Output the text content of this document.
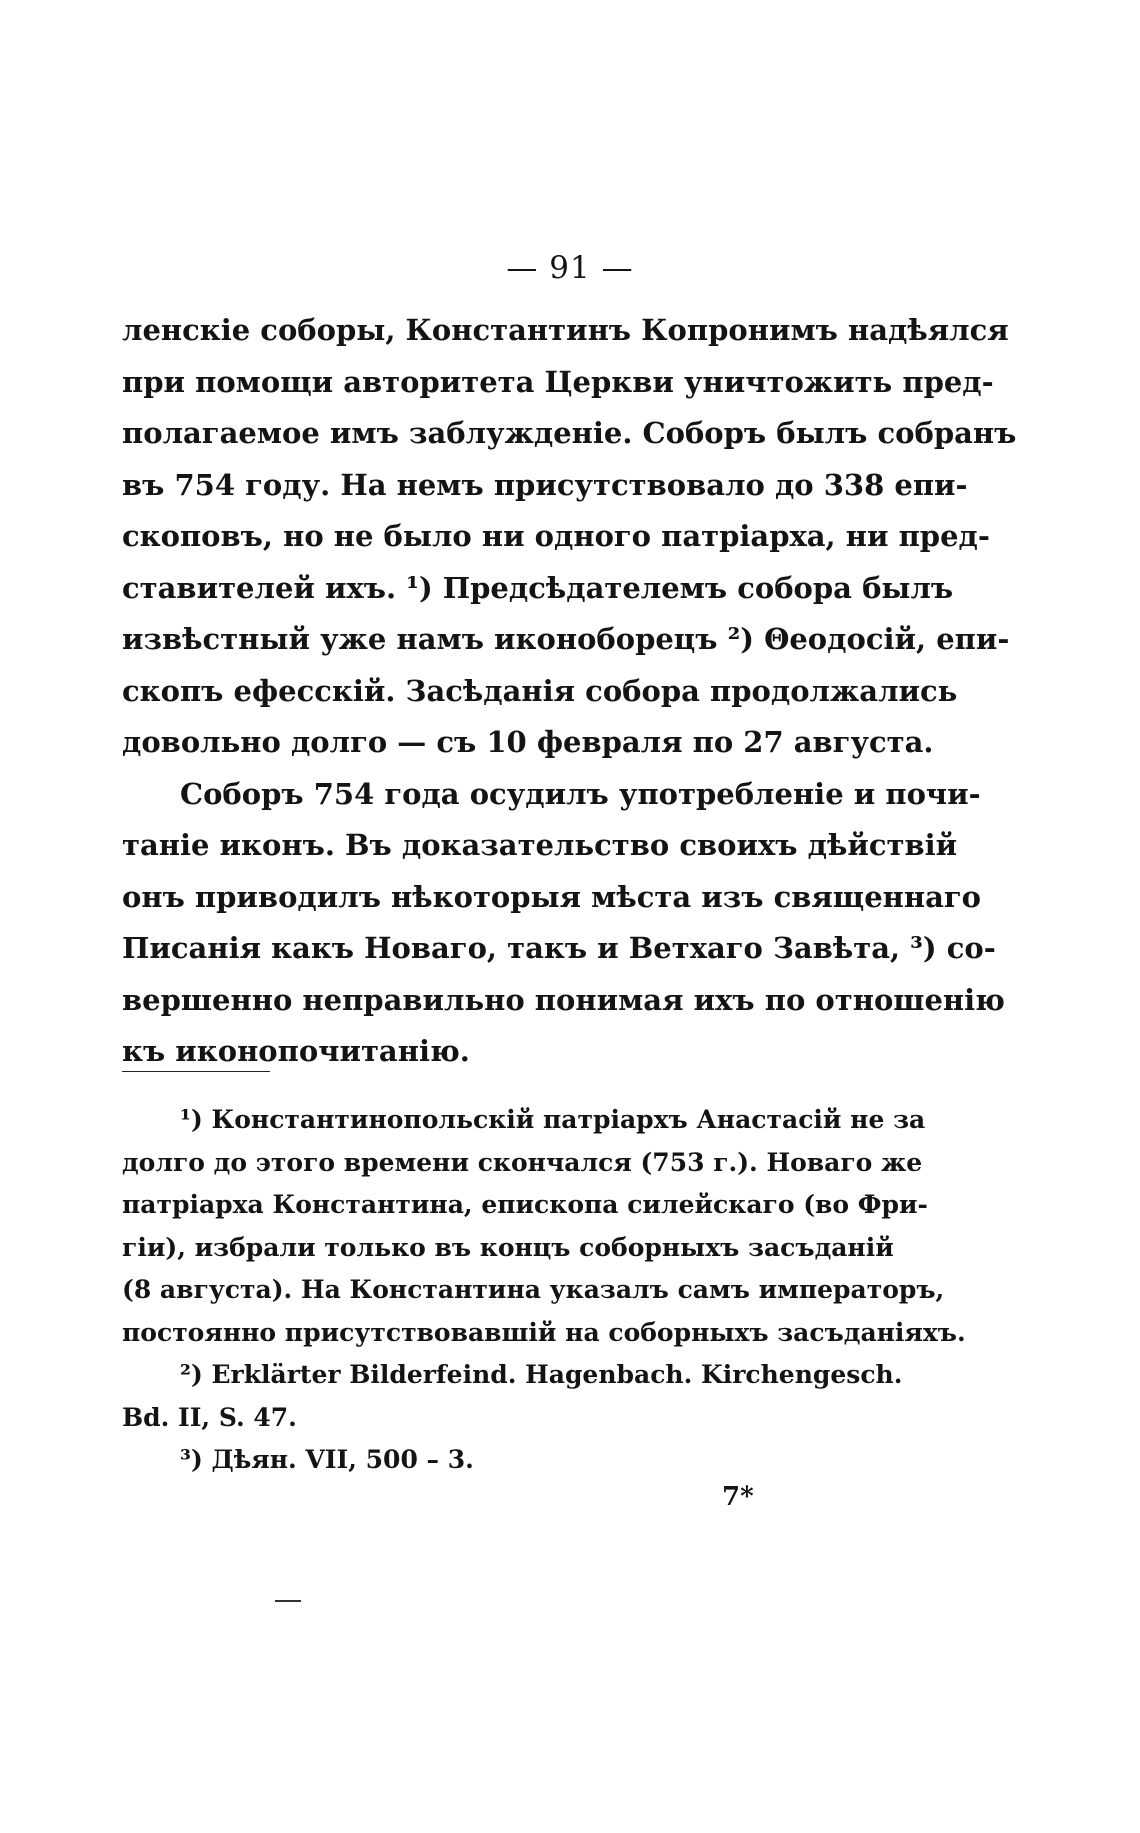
— 91 —

ленскіе соборы, Константинъ Копронимъ надѣялся
при помощи авторитета Церкви уничтожить пред-
полагаемое имъ заблужденіе. Соборъ былъ собранъ
въ 754 году. На немъ присутствовало до 338 епи-
скоповъ, но не было ни одного патріарха, ни пред-
ставителей ихъ. ¹) Предсѣдателемъ собора былъ
извѣстный уже намъ иконоборецъ ²) Θеодосій, епи-
скопъ ефесскій. Засѣданія собора продолжались
довольно долго — съ 10 февраля по 27 августа.

Соборъ 754 года осудилъ употребленіе и почи-
таніе иконъ. Въ доказательство своихъ дѣйствій
онъ приводилъ нѣкоторыя мѣста изъ священнаго
Писанія какъ Новаго, такъ и Ветхаго Завѣта, ³) со-
вершенно неправильно понимая ихъ по отношенію
къ иконопочитанію.

¹) Константинопольскій патріархъ Анастасій не за
долго до этого времени скончался (753 г.). Новаго же
патріарха Константина, епископа силейскаго (во Фри-
гіи), избрали только въ концъ соборныхъ засъданій
(8 августа). На Константина указалъ самъ императоръ,
постоянно присутствовавшій на соборныхъ засъданіяхъ.
²) Erklärter Bilderfeind. Hagenbach. Kirchengesch.
Bd. II, S. 47.
³) Дѣян. VII, 500 – 3.
7*
